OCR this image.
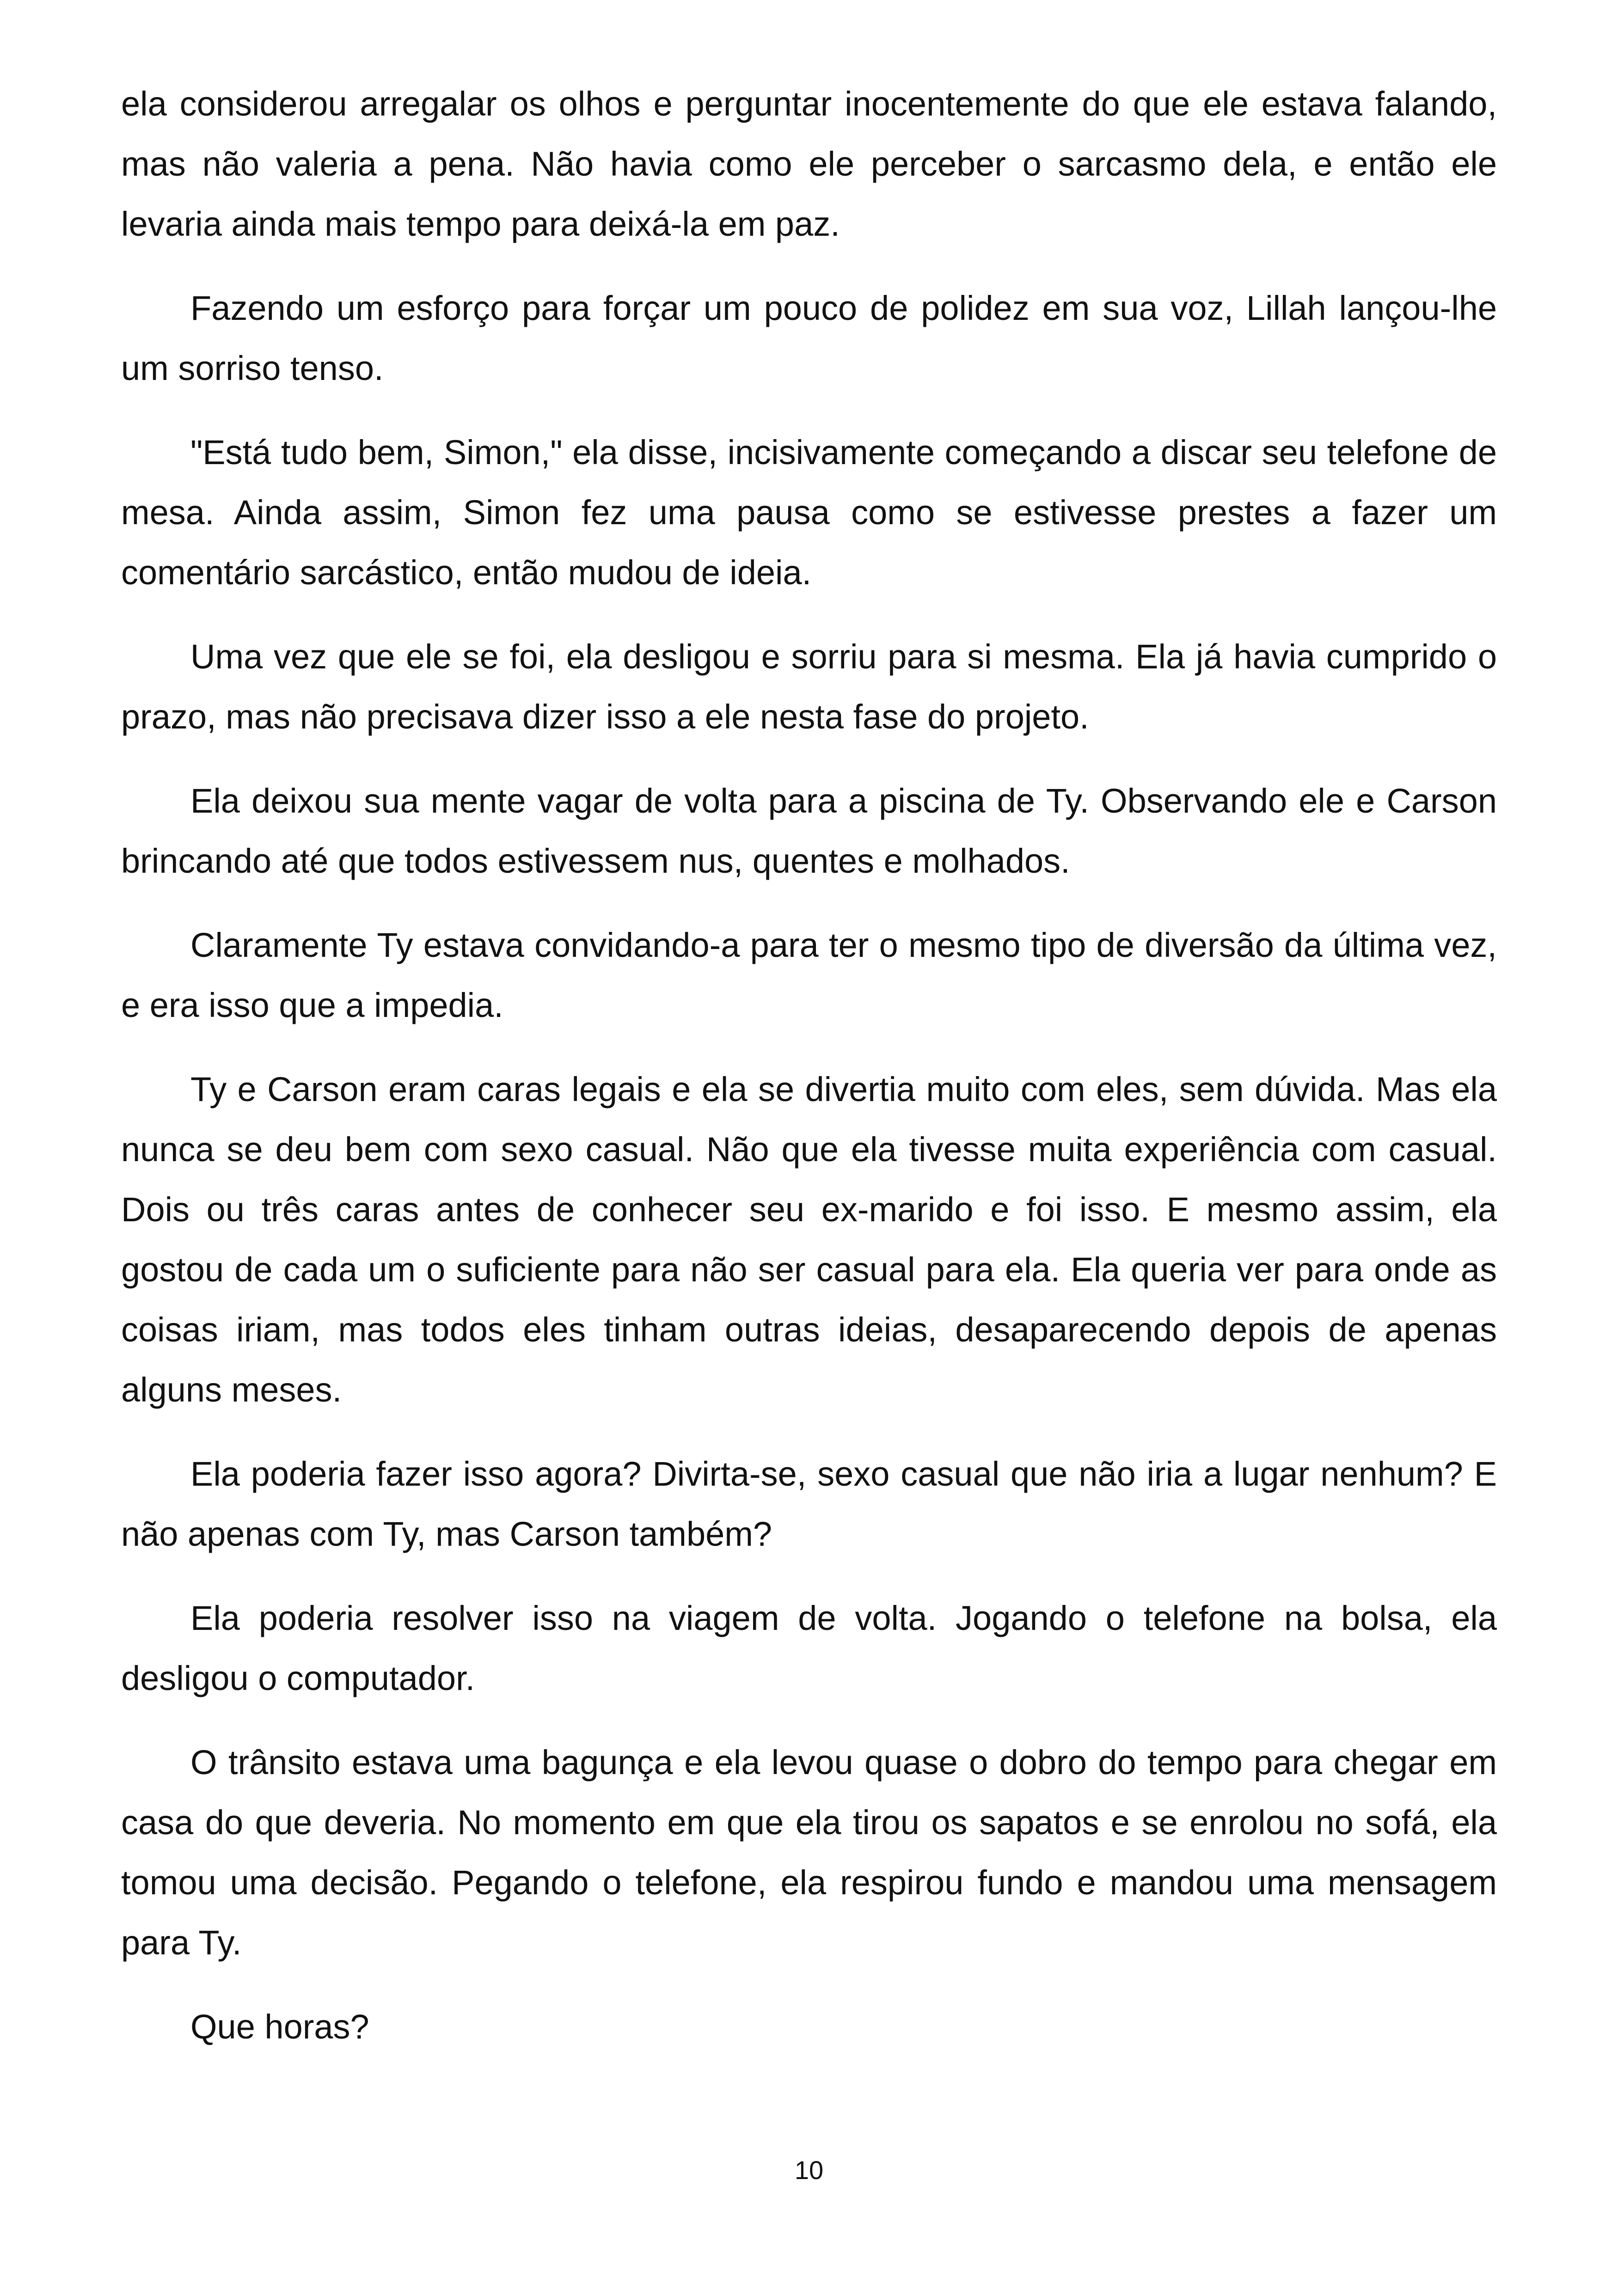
ela considerou arregalar os olhos e perguntar inocentemente do que ele estava falando, mas não valeria a pena. Não havia como ele perceber o sarcasmo dela, e então ele levaria ainda mais tempo para deixá-la em paz.

Fazendo um esforço para forçar um pouco de polidez em sua voz, Lillah lançou-lhe um sorriso tenso.

"Está tudo bem, Simon," ela disse, incisivamente começando a discar seu telefone de mesa. Ainda assim, Simon fez uma pausa como se estivesse prestes a fazer um comentário sarcástico, então mudou de ideia.

Uma vez que ele se foi, ela desligou e sorriu para si mesma. Ela já havia cumprido o prazo, mas não precisava dizer isso a ele nesta fase do projeto.

Ela deixou sua mente vagar de volta para a piscina de Ty. Observando ele e Carson brincando até que todos estivessem nus, quentes e molhados.

Claramente Ty estava convidando-a para ter o mesmo tipo de diversão da última vez, e era isso que a impedia.

Ty e Carson eram caras legais e ela se divertia muito com eles, sem dúvida. Mas ela nunca se deu bem com sexo casual. Não que ela tivesse muita experiência com casual. Dois ou três caras antes de conhecer seu ex-marido e foi isso. E mesmo assim, ela gostou de cada um o suficiente para não ser casual para ela. Ela queria ver para onde as coisas iriam, mas todos eles tinham outras ideias, desaparecendo depois de apenas alguns meses.

Ela poderia fazer isso agora? Divirta-se, sexo casual que não iria a lugar nenhum? E não apenas com Ty, mas Carson também?

Ela poderia resolver isso na viagem de volta. Jogando o telefone na bolsa, ela desligou o computador.

O trânsito estava uma bagunça e ela levou quase o dobro do tempo para chegar em casa do que deveria. No momento em que ela tirou os sapatos e se enrolou no sofá, ela tomou uma decisão. Pegando o telefone, ela respirou fundo e mandou uma mensagem para Ty.

Que horas?

10
